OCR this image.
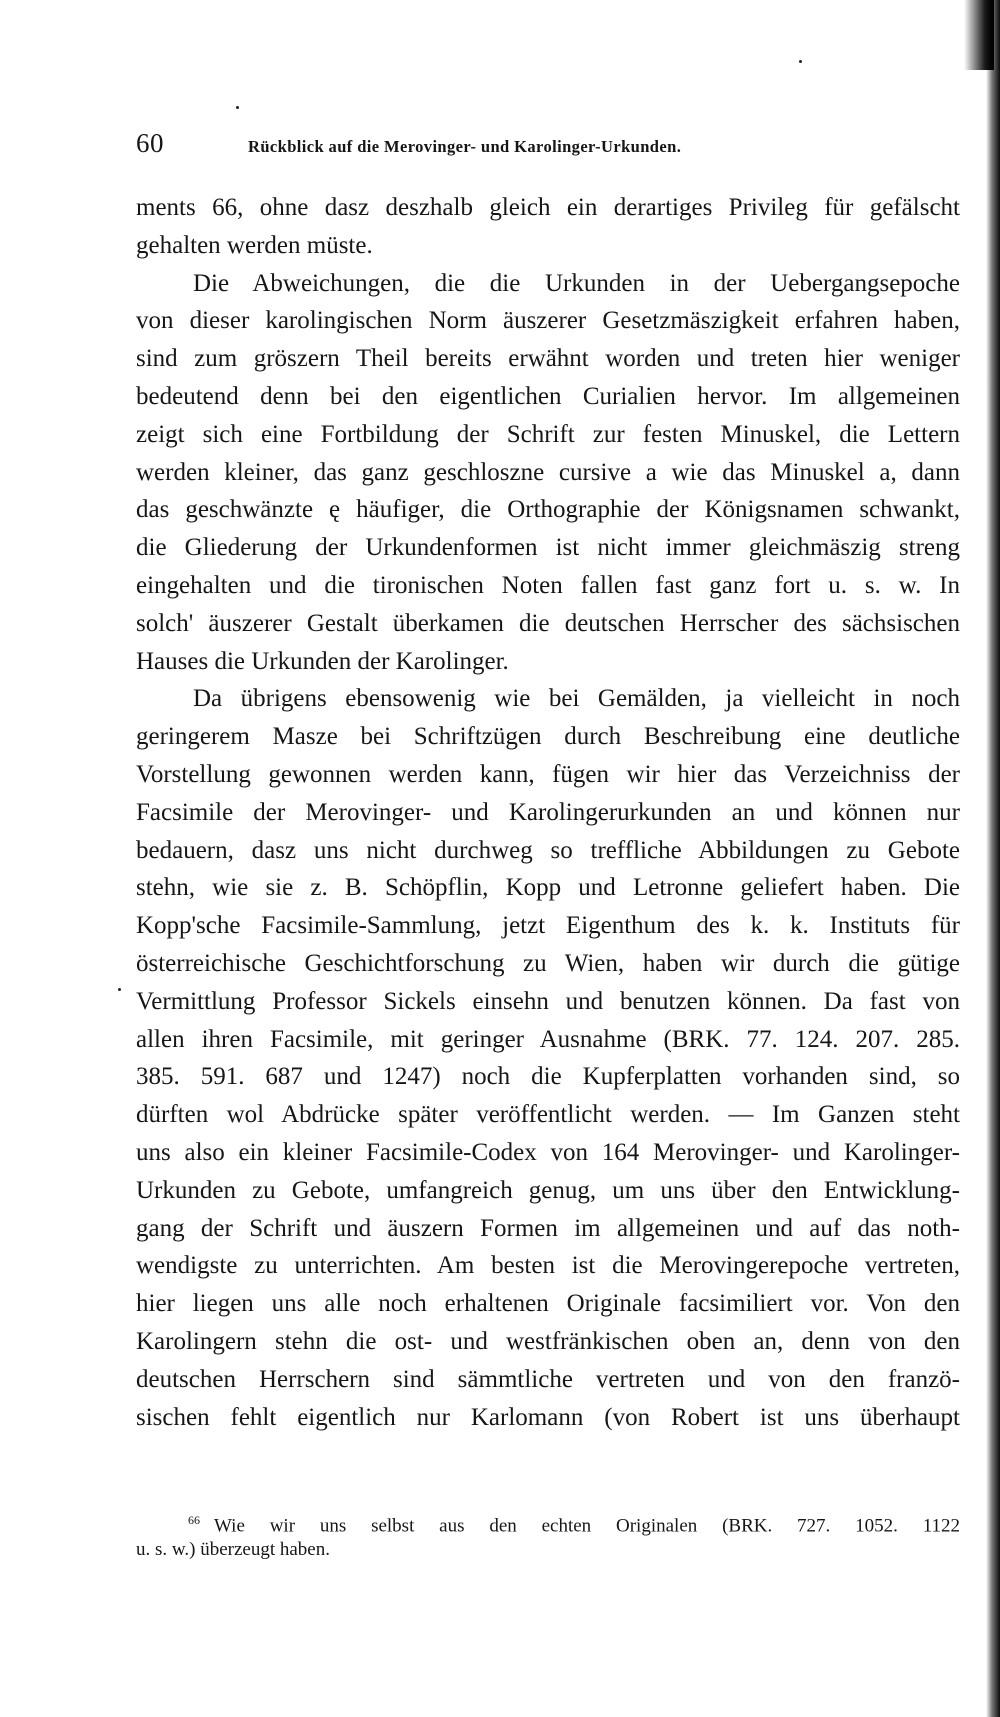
60	Rückblick auf die Merovinger- und Karolinger-Urkunden.
ments 66, ohne dasz deszhalb gleich ein derartiges Privileg für gefälscht
gehalten werden müste.
Die Abweichungen, die die Urkunden in der Uebergangsepoche
von dieser karolingischen Norm äuszerer Gesetzmäszigkeit erfahren haben,
sind zum gröszern Theil bereits erwähnt worden und treten hier weniger
bedeutend denn bei den eigentlichen Curialien hervor. Im allgemeinen
zeigt sich eine Fortbildung der Schrift zur festen Minuskel, die Lettern
werden kleiner, das ganz geschloszne cursive a wie das Minuskel a, dann
das geschwänzte ę häufiger, die Orthographie der Königsnamen schwankt,
die Gliederung der Urkundenformen ist nicht immer gleichmäszig streng
eingehalten und die tironischen Noten fallen fast ganz fort u. s. w. In
solch' äuszerer Gestalt überkamen die deutschen Herrscher des sächsischen
Hauses die Urkunden der Karolinger.
Da übrigens ebensowenig wie bei Gemälden, ja vielleicht in noch
geringerem Masze bei Schriftzügen durch Beschreibung eine deutliche
Vorstellung gewonnen werden kann, fügen wir hier das Verzeichniss der
Facsimile der Merovinger- und Karolingerurkunden an und können nur
bedauern, dasz uns nicht durchweg so treffliche Abbildungen zu Gebote
stehn, wie sie z. B. Schöpflin, Kopp und Letronne geliefert haben. Die
Kopp'sche Facsimile-Sammlung, jetzt Eigenthum des k. k. Instituts für
österreichische Geschichtforschung zu Wien, haben wir durch die gütige
Vermittlung Professor Sickels einsehn und benutzen können. Da fast von
allen ihren Facsimile, mit geringer Ausnahme (BRK. 77. 124. 207. 285.
385. 591. 687 und 1247) noch die Kupferplatten vorhanden sind, so
dürften wol Abdrücke später veröffentlicht werden. — Im Ganzen steht
uns also ein kleiner Facsimile-Codex von 164 Merovinger- und Karolinger-
Urkunden zu Gebote, umfangreich genug, um uns über den Entwicklung-
gang der Schrift und äuszern Formen im allgemeinen und auf das noth-
wendigste zu unterrichten. Am besten ist die Merovingerepoche vertreten,
hier liegen uns alle noch erhaltenen Originale facsimiliert vor. Von den
Karolingern stehn die ost- und westfränkischen oben an, denn von den
deutschen Herrschern sind sämmtliche vertreten und von den franzö-
sischen fehlt eigentlich nur Karlomann (von Robert ist uns überhaupt
$^{66}$ Wie wir uns selbst aus den echten Originalen (BRK. 727. 1052. 1122
u. s. w.) überzeugt haben.
